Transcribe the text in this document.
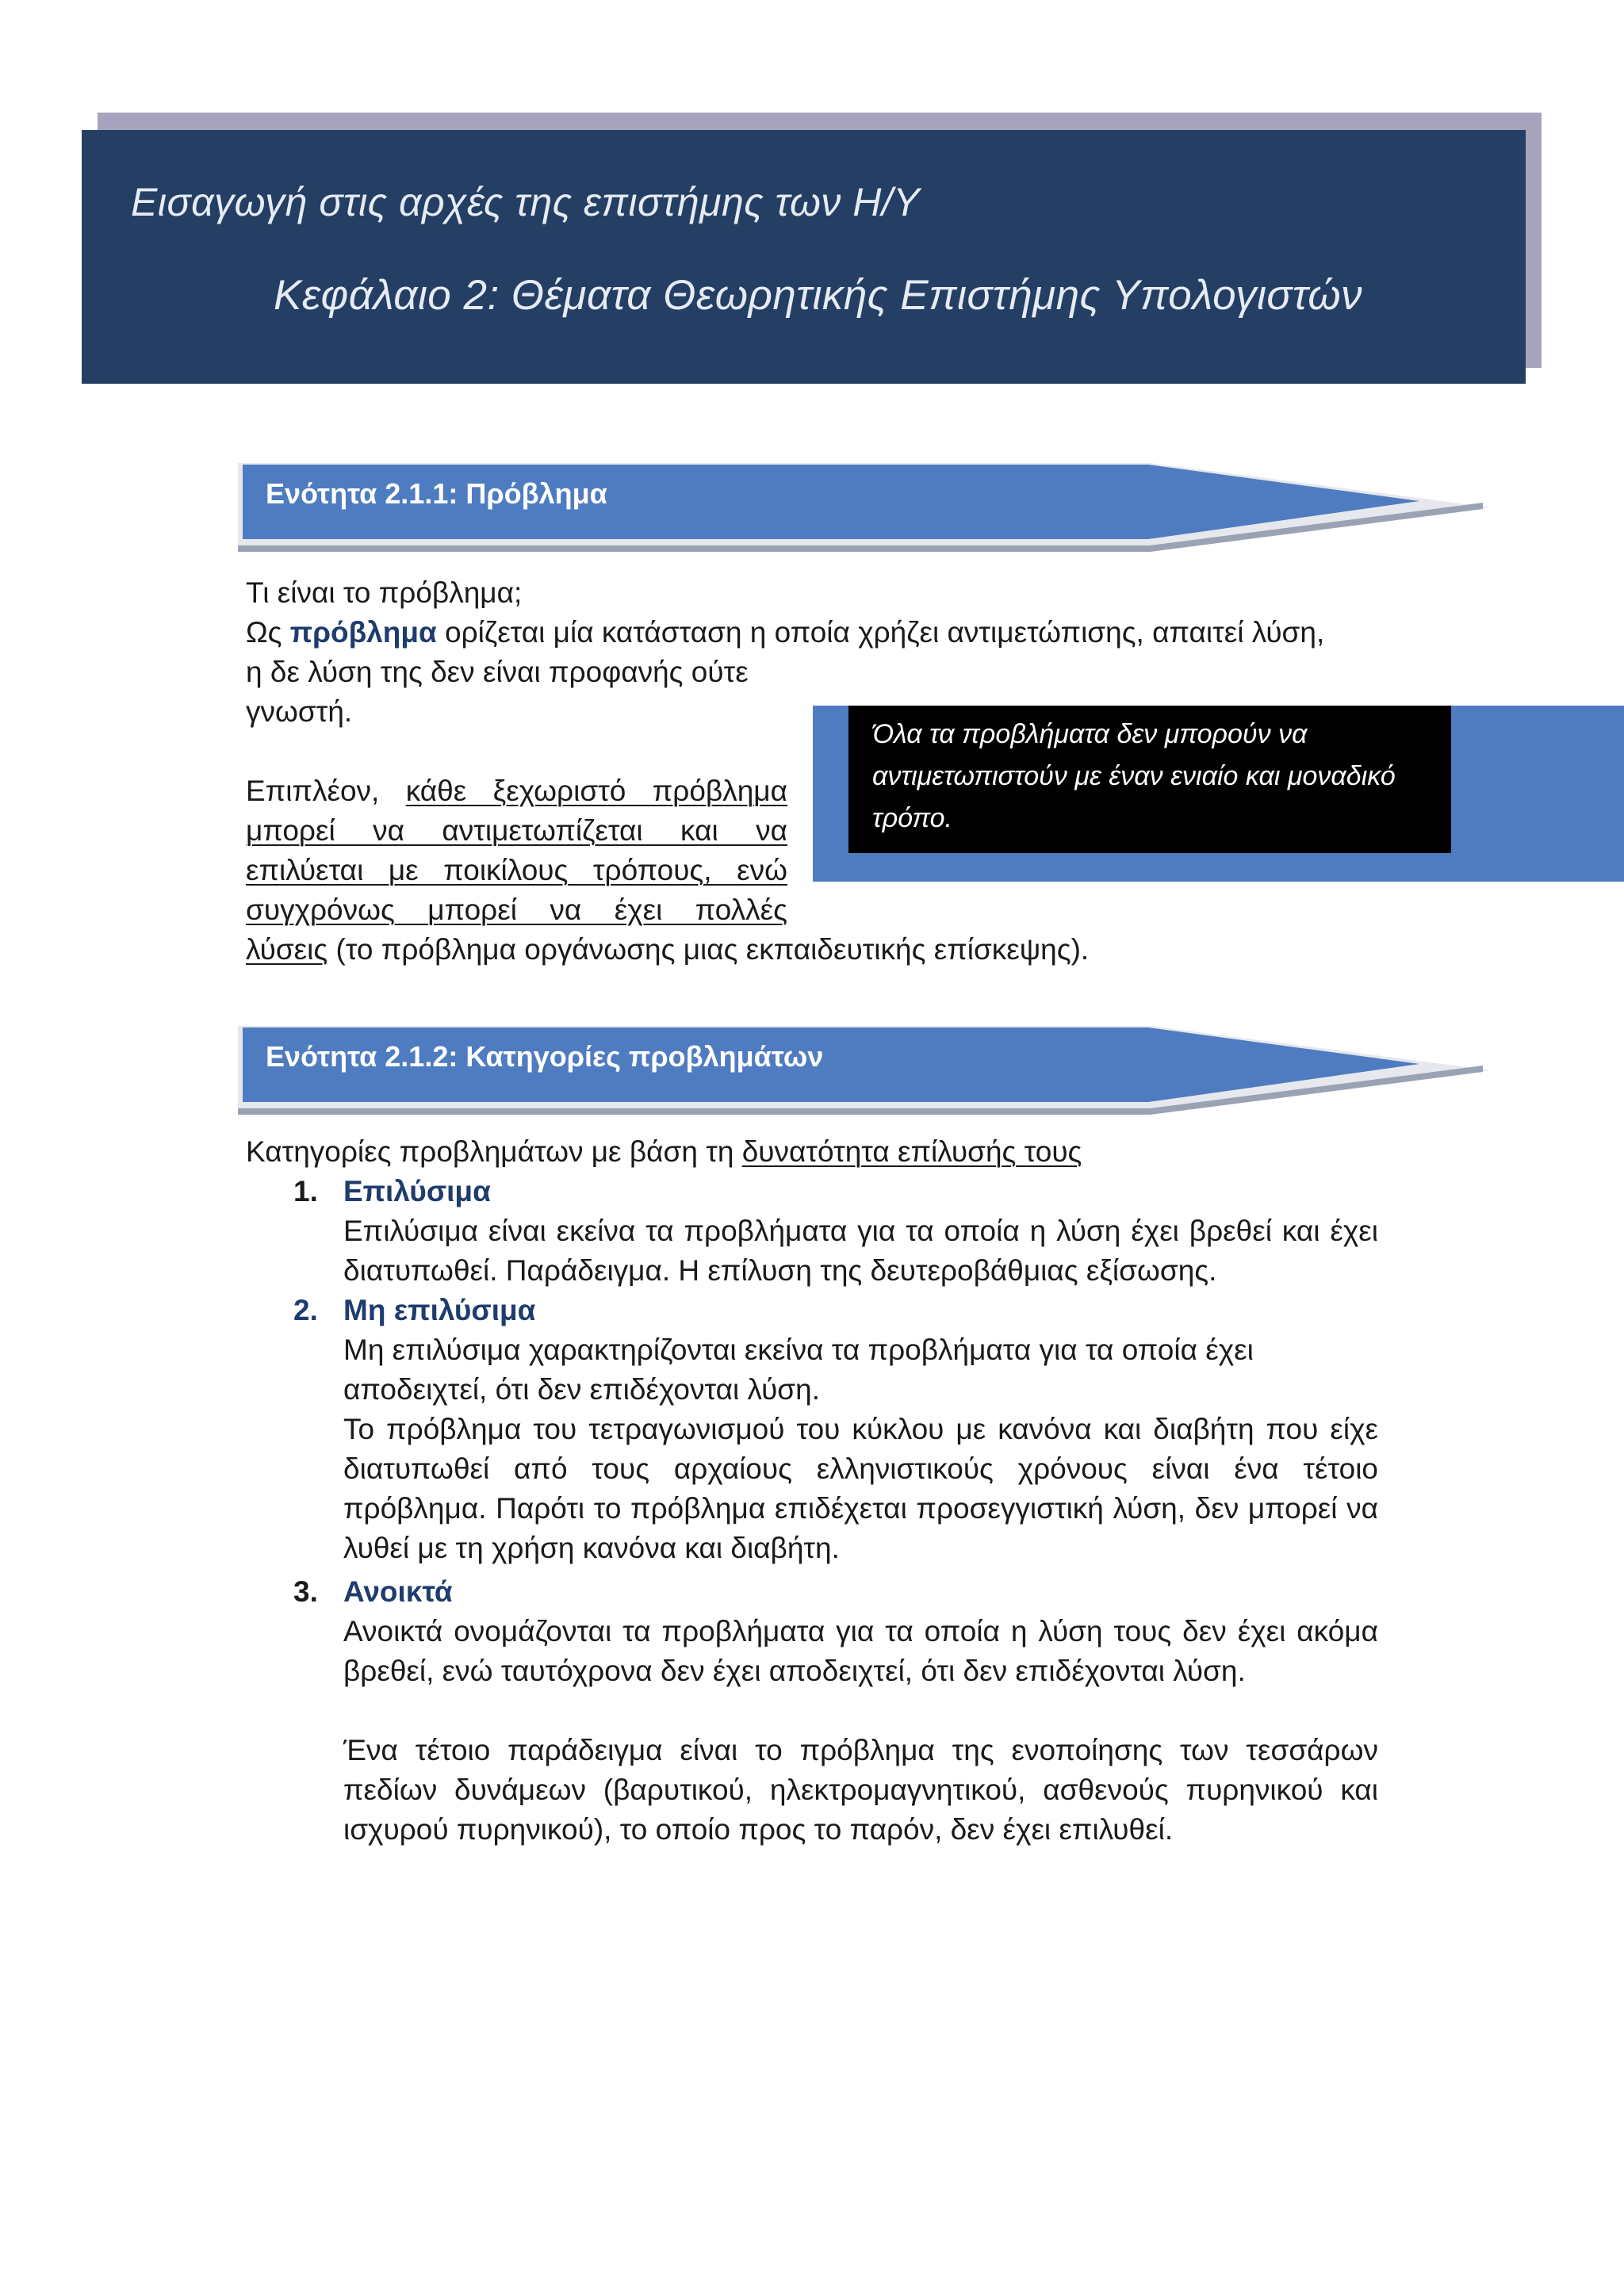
Εισαγωγή στις αρχές της επιστήμης των Η/Υ
Κεφάλαιο 2: Θέματα Θεωρητικής Επιστήμης Υπολογιστών
Ενότητα 2.1.1: Πρόβλημα

Τι είναι το πρόβλημα;

Ως πρόβλημα ορίζεται μία κατάσταση η οποία χρήζει αντιμετώπισης, απαιτεί λύση,

η δε λύση της δεν είναι προφανής ούτε

γνωστή.

Επιπλέον, κάθε ξεχωριστό πρόβλημα

μπορεί να αντιμετωπίζεται και να

επιλύεται με ποικίλους τρόπους, ενώ

συγχρόνως μπορεί να έχει πολλές

λύσεις (το πρόβλημα οργάνωσης μιας εκπαιδευτικής επίσκεψης).

Όλα τα προβλήματα δεν μπορούν να αντιμετωπιστούν με έναν ενιαίο και μοναδικό τρόπο.

Ενότητα 2.1.2: Κατηγορίες προβλημάτων

Κατηγορίες προβλημάτων με βάση τη δυνατότητα επίλυσής τους

1. Επιλύσιμα

Επιλύσιμα είναι εκείνα τα προβλήματα για τα οποία η λύση έχει βρεθεί και έχει διατυπωθεί. Παράδειγμα. Η επίλυση της δευτεροβάθμιας εξίσωσης.

2. Μη επιλύσιμα

Μη επιλύσιμα χαρακτηρίζονται εκείνα τα προβλήματα για τα οποία έχει αποδειχτεί, ότι δεν επιδέχονται λύση.

Το πρόβλημα του τετραγωνισμού του κύκλου με κανόνα και διαβήτη που είχε διατυπωθεί από τους αρχαίους ελληνιστικούς χρόνους είναι ένα τέτοιο πρόβλημα. Παρότι το πρόβλημα επιδέχεται προσεγγιστική λύση, δεν μπορεί να λυθεί με τη χρήση κανόνα και διαβήτη.

3. Ανοικτά

Ανοικτά ονομάζονται τα προβλήματα για τα οποία η λύση τους δεν έχει ακόμα βρεθεί, ενώ ταυτόχρονα δεν έχει αποδειχτεί, ότι δεν επιδέχονται λύση.

Ένα τέτοιο παράδειγμα είναι το πρόβλημα της ενοποίησης των τεσσάρων πεδίων δυνάμεων (βαρυτικού, ηλεκτρομαγνητικού, ασθενούς πυρηνικού και ισχυρού πυρηνικού), το οποίο προς το παρόν, δεν έχει επιλυθεί.
